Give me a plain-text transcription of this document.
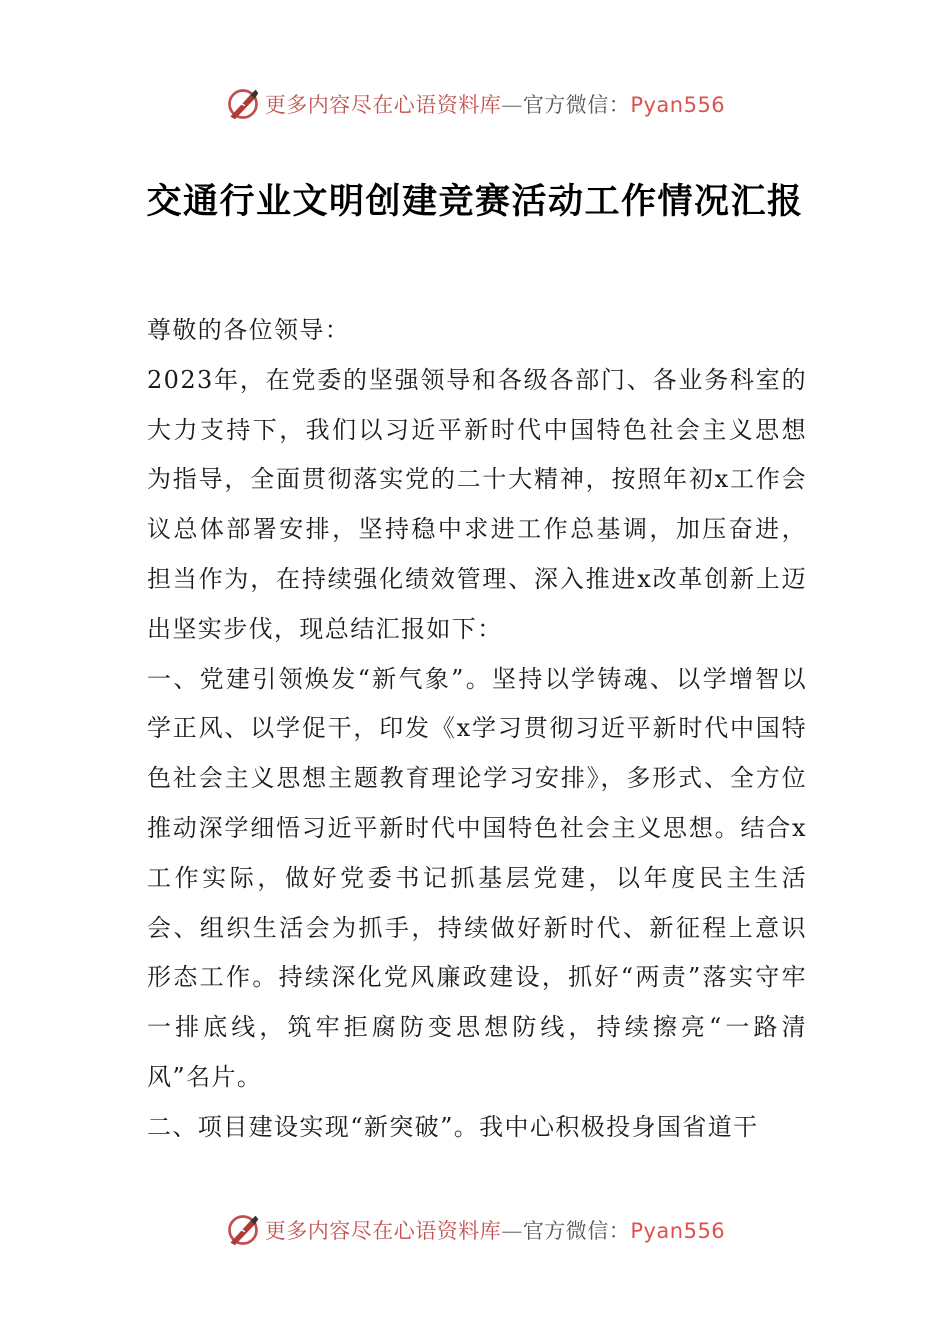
更多内容尽在心语资料库—官方微信：Pyan556
交通行业文明创建竞赛活动工作情况汇报

尊敬的各位领导：

2023年，在党委的坚强领导和各级各部门、各业务科室的大力支持下，我们以习近平新时代中国特色社会主义思想为指导，全面贯彻落实党的二十大精神，按照年初x工作会议总体部署安排，坚持稳中求进工作总基调，加压奋进，担当作为，在持续强化绩效管理、深入推进x改革创新上迈出坚实步伐，现总结汇报如下：

一、党建引领焕发“新气象”。坚持以学铸魂、以学增智以学正风、以学促干，印发《x学习贯彻习近平新时代中国特色社会主义思想主题教育理论学习安排》，多形式、全方位推动深学细悟习近平新时代中国特色社会主义思想。结合x工作实际，做好党委书记抓基层党建，以年度民主生活会、组织生活会为抓手，持续做好新时代、新征程上意识形态工作。持续深化党风廉政建设，抓好“两责”落实守牢一排底线，筑牢拒腐防变思想防线，持续擦亮“一路清风”名片。

二、项目建设实现“新突破”。我中心积极投身国省道干

更多内容尽在心语资料库—官方微信：Pyan556
